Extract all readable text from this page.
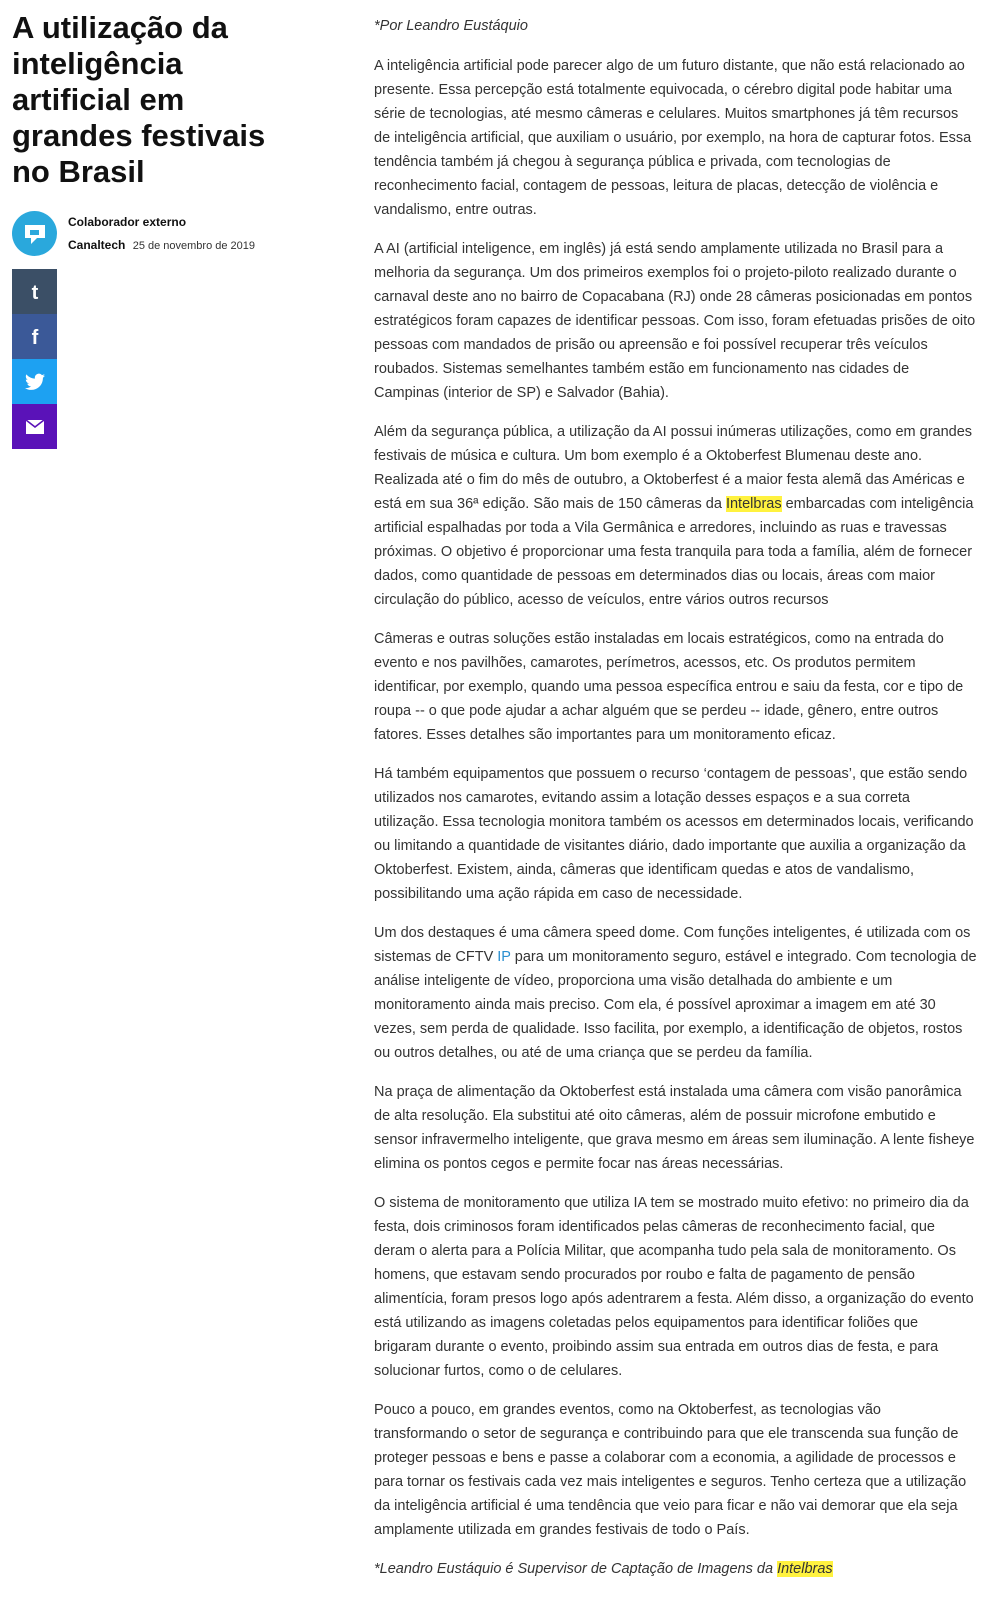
A utilização da inteligência artificial em grandes festivais no Brasil
Colaborador externo
Canaltech 25 de novembro de 2019
t
f

*Por Leandro Eustáquio

A inteligência artificial pode parecer algo de um futuro distante, que não está relacionado ao presente. Essa percepção está totalmente equivocada, o cérebro digital pode habitar uma série de tecnologias, até mesmo câmeras e celulares. Muitos smartphones já têm recursos de inteligência artificial, que auxiliam o usuário, por exemplo, na hora de capturar fotos. Essa tendência também já chegou à segurança pública e privada, com tecnologias de reconhecimento facial, contagem de pessoas, leitura de placas, detecção de violência e vandalismo, entre outras.

A AI (artificial inteligence, em inglês) já está sendo amplamente utilizada no Brasil para a melhoria da segurança. Um dos primeiros exemplos foi o projeto-piloto realizado durante o carnaval deste ano no bairro de Copacabana (RJ) onde 28 câmeras posicionadas em pontos estratégicos foram capazes de identificar pessoas. Com isso, foram efetuadas prisões de oito pessoas com mandados de prisão ou apreensão e foi possível recuperar três veículos roubados. Sistemas semelhantes também estão em funcionamento nas cidades de Campinas (interior de SP) e Salvador (Bahia).

Além da segurança pública, a utilização da AI possui inúmeras utilizações, como em grandes festivais de música e cultura. Um bom exemplo é a Oktoberfest Blumenau deste ano. Realizada até o fim do mês de outubro, a Oktoberfest é a maior festa alemã das Américas e está em sua 36ª edição. São mais de 150 câmeras da Intelbras embarcadas com inteligência artificial espalhadas por toda a Vila Germânica e arredores, incluindo as ruas e travessas próximas. O objetivo é proporcionar uma festa tranquila para toda a família, além de fornecer dados, como quantidade de pessoas em determinados dias ou locais, áreas com maior circulação do público, acesso de veículos, entre vários outros recursos

Câmeras e outras soluções estão instaladas em locais estratégicos, como na entrada do evento e nos pavilhões, camarotes, perímetros, acessos, etc. Os produtos permitem identificar, por exemplo, quando uma pessoa específica entrou e saiu da festa, cor e tipo de roupa -- o que pode ajudar a achar alguém que se perdeu -- idade, gênero, entre outros fatores. Esses detalhes são importantes para um monitoramento eficaz.

Há também equipamentos que possuem o recurso ‘contagem de pessoas’, que estão sendo utilizados nos camarotes, evitando assim a lotação desses espaços e a sua correta utilização. Essa tecnologia monitora também os acessos em determinados locais, verificando ou limitando a quantidade de visitantes diário, dado importante que auxilia a organização da Oktoberfest. Existem, ainda, câmeras que identificam quedas e atos de vandalismo, possibilitando uma ação rápida em caso de necessidade.

Um dos destaques é uma câmera speed dome. Com funções inteligentes, é utilizada com os sistemas de CFTV IP para um monitoramento seguro, estável e integrado. Com tecnologia de análise inteligente de vídeo, proporciona uma visão detalhada do ambiente e um monitoramento ainda mais preciso. Com ela, é possível aproximar a imagem em até 30 vezes, sem perda de qualidade. Isso facilita, por exemplo, a identificação de objetos, rostos ou outros detalhes, ou até de uma criança que se perdeu da família.

Na praça de alimentação da Oktoberfest está instalada uma câmera com visão panorâmica de alta resolução. Ela substitui até oito câmeras, além de possuir microfone embutido e sensor infravermelho inteligente, que grava mesmo em áreas sem iluminação. A lente fisheye elimina os pontos cegos e permite focar nas áreas necessárias.

O sistema de monitoramento que utiliza IA tem se mostrado muito efetivo: no primeiro dia da festa, dois criminosos foram identificados pelas câmeras de reconhecimento facial, que deram o alerta para a Polícia Militar, que acompanha tudo pela sala de monitoramento. Os homens, que estavam sendo procurados por roubo e falta de pagamento de pensão alimentícia, foram presos logo após adentrarem a festa. Além disso, a organização do evento está utilizando as imagens coletadas pelos equipamentos para identificar foliões que brigaram durante o evento, proibindo assim sua entrada em outros dias de festa, e para solucionar furtos, como o de celulares.

Pouco a pouco, em grandes eventos, como na Oktoberfest, as tecnologias vão transformando o setor de segurança e contribuindo para que ele transcenda sua função de proteger pessoas e bens e passe a colaborar com a economia, a agilidade de processos e para tornar os festivais cada vez mais inteligentes e seguros. Tenho certeza que a utilização da inteligência artificial é uma tendência que veio para ficar e não vai demorar que ela seja amplamente utilizada em grandes festivais de todo o País.

*Leandro Eustáquio é Supervisor de Captação de Imagens da Intelbras
